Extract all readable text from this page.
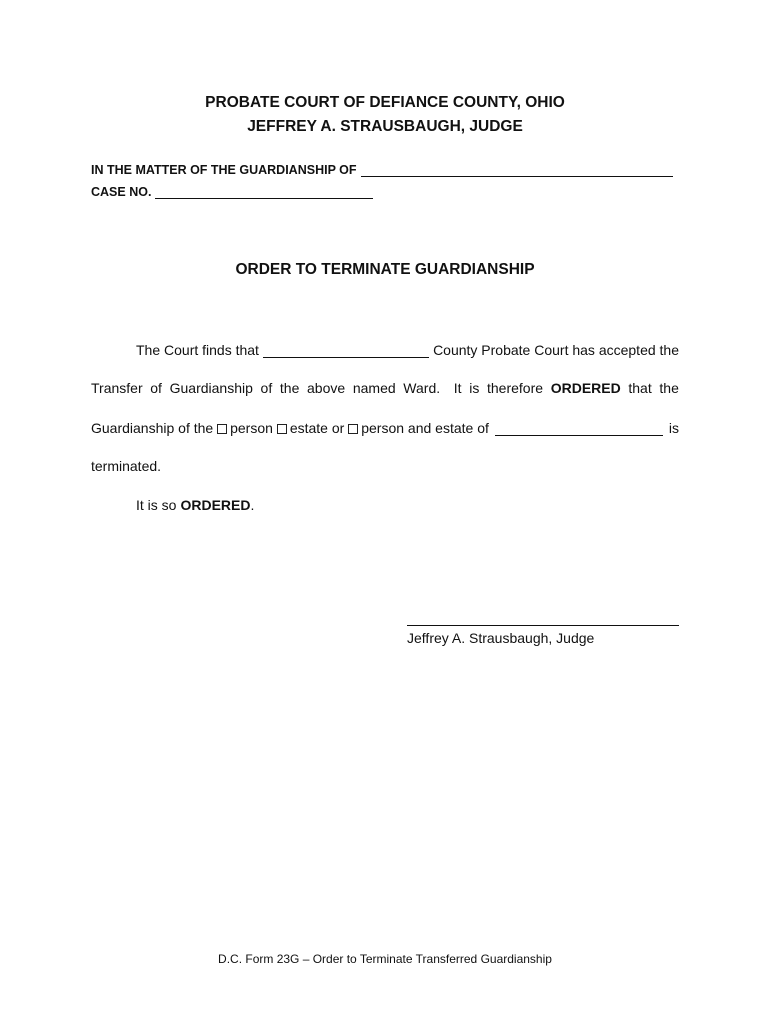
PROBATE COURT OF DEFIANCE COUNTY, OHIO
JEFFREY A. STRAUSBAUGH, JUDGE
IN THE MATTER OF THE GUARDIANSHIP OF
CASE NO.
ORDER TO TERMINATE GUARDIANSHIP
The Court finds that	County Probate Court has accepted the
Transfer of Guardianship of the above named Ward. It is therefore ORDERED that the
Guardianship of the person estate or person and estate of	is
terminated.
It is so ORDERED .
Jeffrey A. Strausbaugh, Judge
D.C. Form 23G – Order to Terminate Transferred Guardianship
